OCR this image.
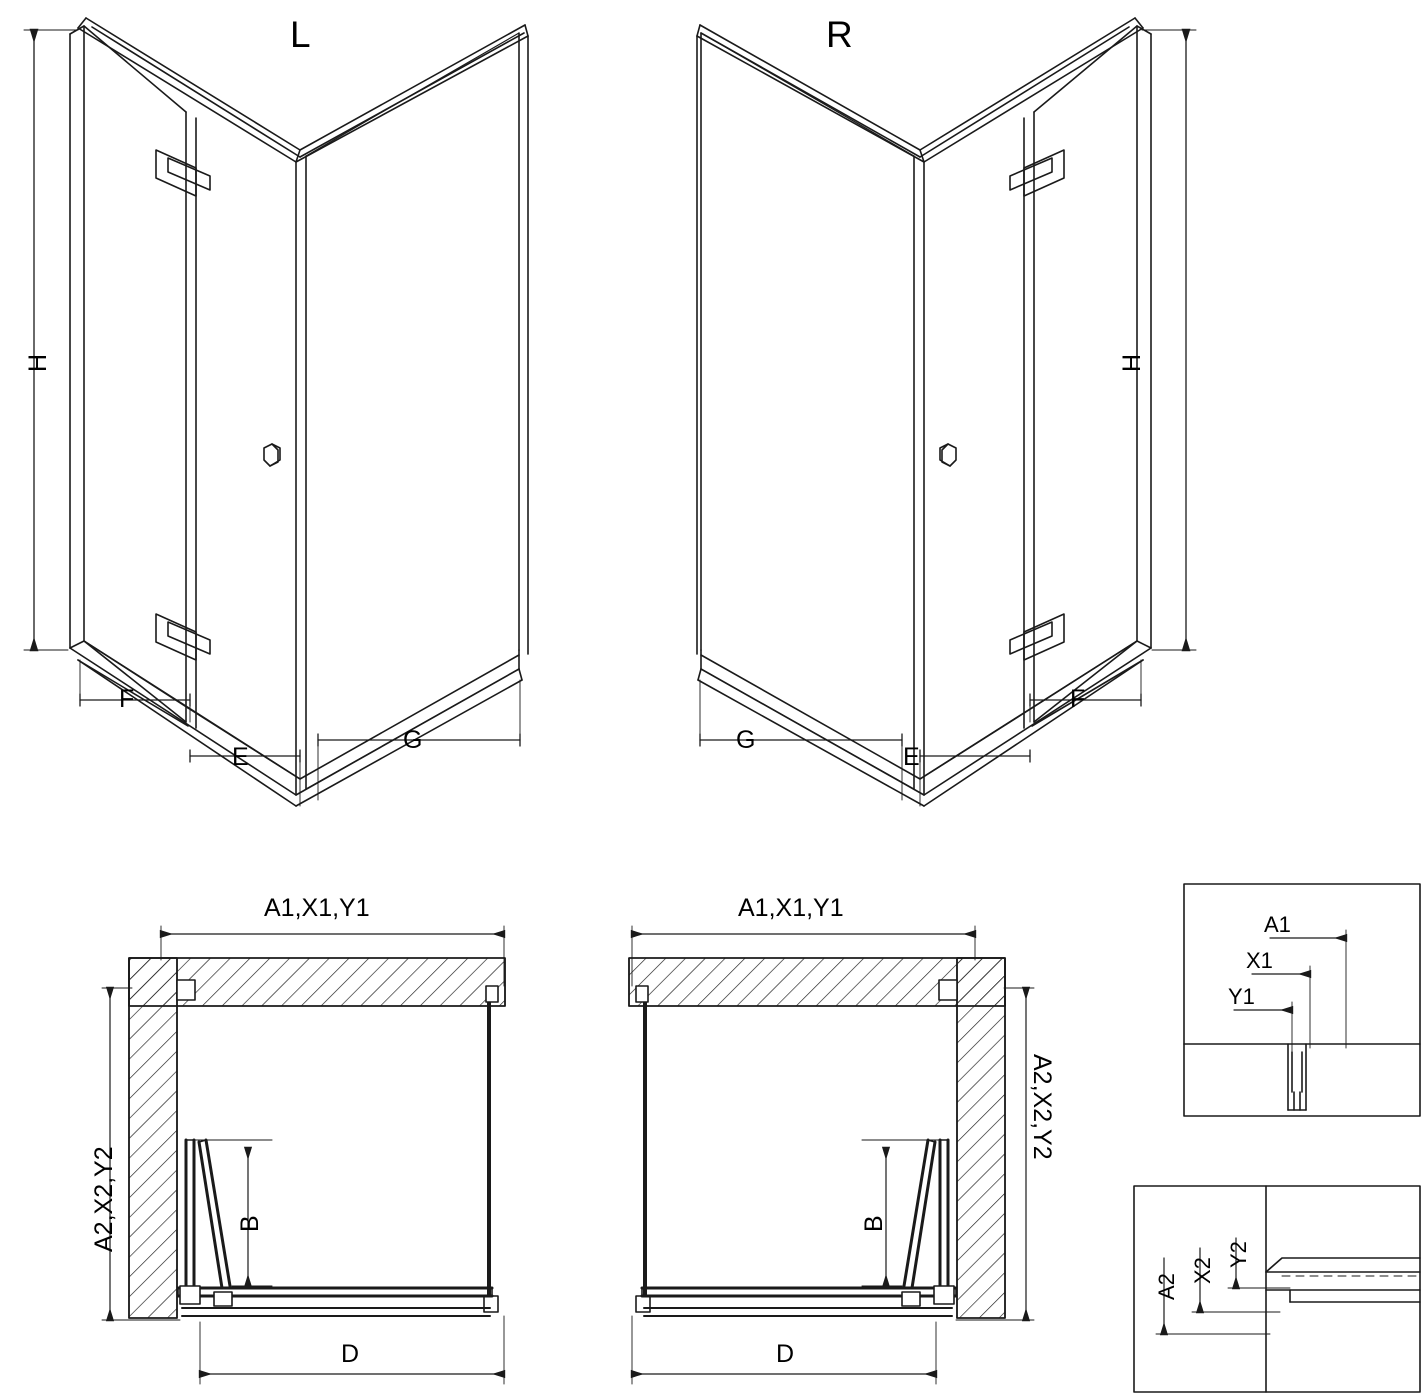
L	R
H	H
F
E
G
F
E
G
A1,X1,Y1
A2,X2,Y2	B
D
A1,X1,Y1
A2,X2,Y2
B
D
A1
X1
Y1
A2
X2
Y2
